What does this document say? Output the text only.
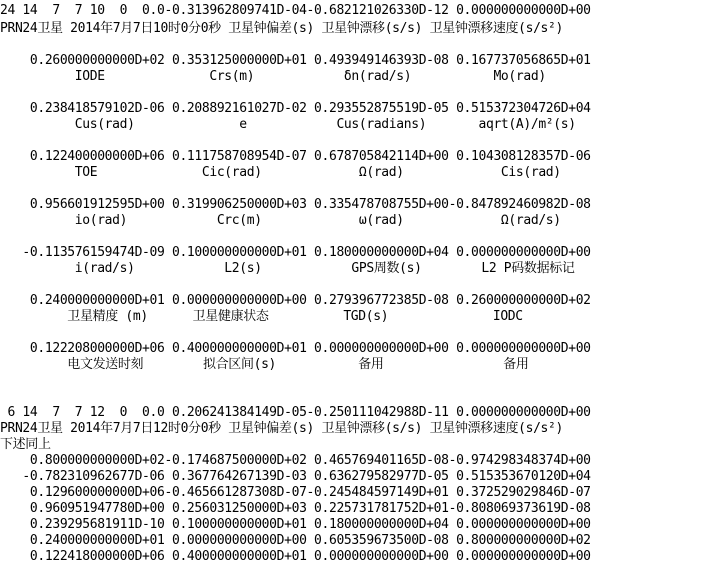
24 14  7  7 10  0  0.0-0.313962809741D-04-0.682121026330D-12 0.000000000000D+00
PRN24卫星 2014年7月7日10时0分0秒 卫星钟偏差(s) 卫星钟漂移(s/s) 卫星钟漂移速度(s/s²)
0.260000000000D+02 0.353125000000D+01 0.493949146393D-08 0.167737056865D+01
IODE              Crs(m)            δn(rad/s)           Mo(rad)
0.238418579102D-06 0.208892161027D-02 0.293552875519D-05 0.515372304726D+04
Cus(rad)              e            Cus(radians)       aqrt(A)/m²(s)
0.122400000000D+06 0.111758708954D-07 0.678705842114D+00 0.104308128357D-06
TOE              Cic(rad)             Ω(rad)             Cis(rad)
0.956601912595D+00 0.319906250000D+03 0.335478708755D+00-0.847892460982D-08
io(rad)            Crc(m)             ω(rad)             Ω(rad/s)
-0.113576159474D-09 0.100000000000D+01 0.180000000000D+04 0.000000000000D+00
i(rad/s)            L2(s)            GPS周数(s)        L2 P码数据标记
0.240000000000D+01 0.000000000000D+00 0.279396772385D-08 0.260000000000D+02
卫星精度 (m)      卫星健康状态          TGD(s)              IODC
0.122208000000D+06 0.400000000000D+01 0.000000000000D+00 0.000000000000D+00
电文发送时刻        拟合区间(s)           备用                备用
6 14  7  7 12  0  0.0 0.206241384149D-05-0.250111042988D-11 0.000000000000D+00
PRN24卫星 2014年7月7日12时0分0秒 卫星钟偏差(s) 卫星钟漂移(s/s) 卫星钟漂移速度(s/s²)
下述同上
0.800000000000D+02-0.174687500000D+02 0.465769401165D-08-0.974298348374D+00
-0.782310962677D-06 0.367764267139D-03 0.636279582977D-05 0.515353670120D+04
0.129600000000D+06-0.465661287308D-07-0.245484597149D+01 0.372529029846D-07
0.960951947780D+00 0.256031250000D+03 0.225731781752D+01-0.808069373619D-08
0.239295681911D-10 0.100000000000D+01 0.180000000000D+04 0.000000000000D+00
0.240000000000D+01 0.000000000000D+00 0.605359673500D-08 0.800000000000D+02
0.122418000000D+06 0.400000000000D+01 0.000000000000D+00 0.000000000000D+00
